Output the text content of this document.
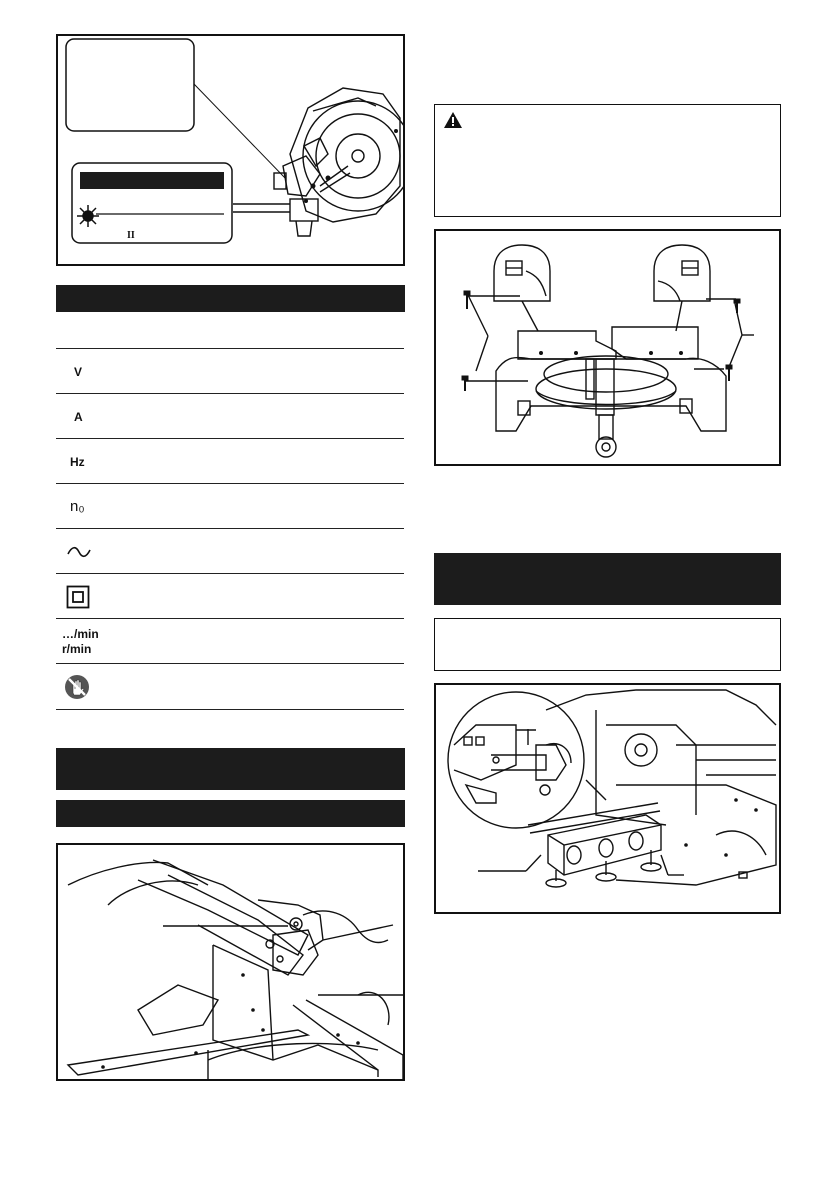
II
V
A
Hz
n₀
…/min
r/min
